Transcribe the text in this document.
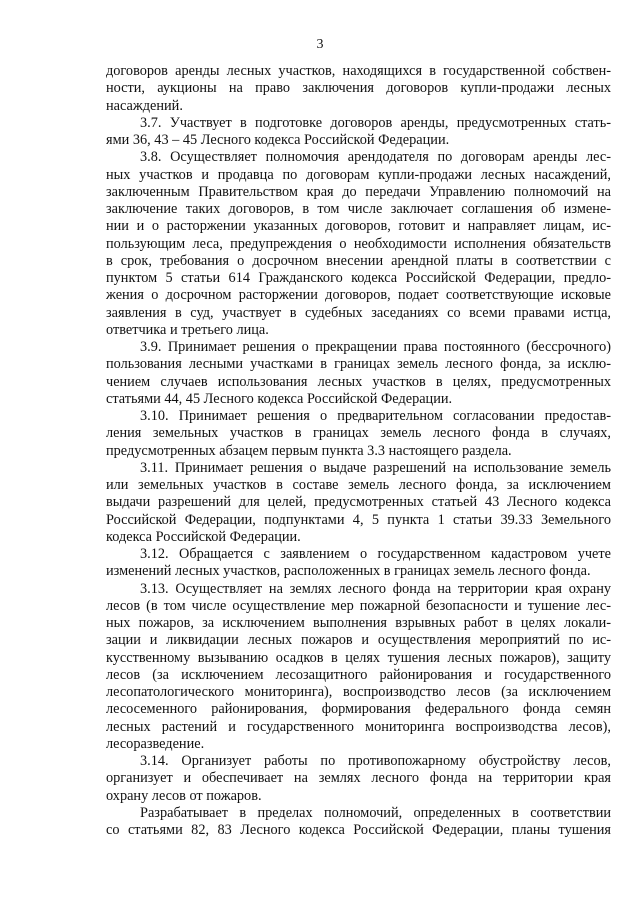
3

договоров аренды лесных участков, находящихся в государственной собствен-
ности, аукционы на право заключения договоров купли-продажи лесных
насаждений.

3.7. Участвует в подготовке договоров аренды, предусмотренных стать-
ями 36, 43 – 45 Лесного кодекса Российской Федерации.

3.8. Осуществляет полномочия арендодателя по договорам аренды лес-
ных участков и продавца по договорам купли-продажи лесных насаждений,
заключенным Правительством края до передачи Управлению полномочий на
заключение таких договоров, в том числе заключает соглашения об измене-
нии и о расторжении указанных договоров, готовит и направляет лицам, ис-
пользующим леса, предупреждения о необходимости исполнения обязательств
в срок, требования о досрочном внесении арендной платы в соответствии с
пунктом 5 статьи 614 Гражданского кодекса Российской Федерации, предло-
жения о досрочном расторжении договоров, подает соответствующие исковые
заявления в суд, участвует в судебных заседаниях со всеми правами истца,
ответчика и третьего лица.

3.9. Принимает решения о прекращении права постоянного (бессрочного)
пользования лесными участками в границах земель лесного фонда, за исклю-
чением случаев использования лесных участков в целях, предусмотренных
статьями 44, 45 Лесного кодекса Российской Федерации.

3.10. Принимает решения о предварительном согласовании предостав-
ления земельных участков в границах земель лесного фонда в случаях,
предусмотренных абзацем первым пункта 3.3 настоящего раздела.

3.11. Принимает решения о выдаче разрешений на использование земель
или земельных участков в составе земель лесного фонда, за исключением
выдачи разрешений для целей, предусмотренных статьей 43 Лесного кодекса
Российской Федерации, подпунктами 4, 5 пункта 1 статьи 39.33 Земельного
кодекса Российской Федерации.

3.12. Обращается с заявлением о государственном кадастровом учете
изменений лесных участков, расположенных в границах земель лесного фонда.

3.13. Осуществляет на землях лесного фонда на территории края охрану
лесов (в том числе осуществление мер пожарной безопасности и тушение лес-
ных пожаров, за исключением выполнения взрывных работ в целях локали-
зации и ликвидации лесных пожаров и осуществления мероприятий по ис-
кусственному вызыванию осадков в целях тушения лесных пожаров), защиту
лесов (за исключением лесозащитного районирования и государственного
лесопатологического мониторинга), воспроизводство лесов (за исключением
лесосеменного районирования, формирования федерального фонда семян
лесных растений и государственного мониторинга воспроизводства лесов),
лесоразведение.

3.14. Организует работы по противопожарному обустройству лесов,
организует и обеспечивает на землях лесного фонда на территории края
охрану лесов от пожаров.

Разрабатывает в пределах полномочий, определенных в соответствии
со статьями 82, 83 Лесного кодекса Российской Федерации, планы тушения
